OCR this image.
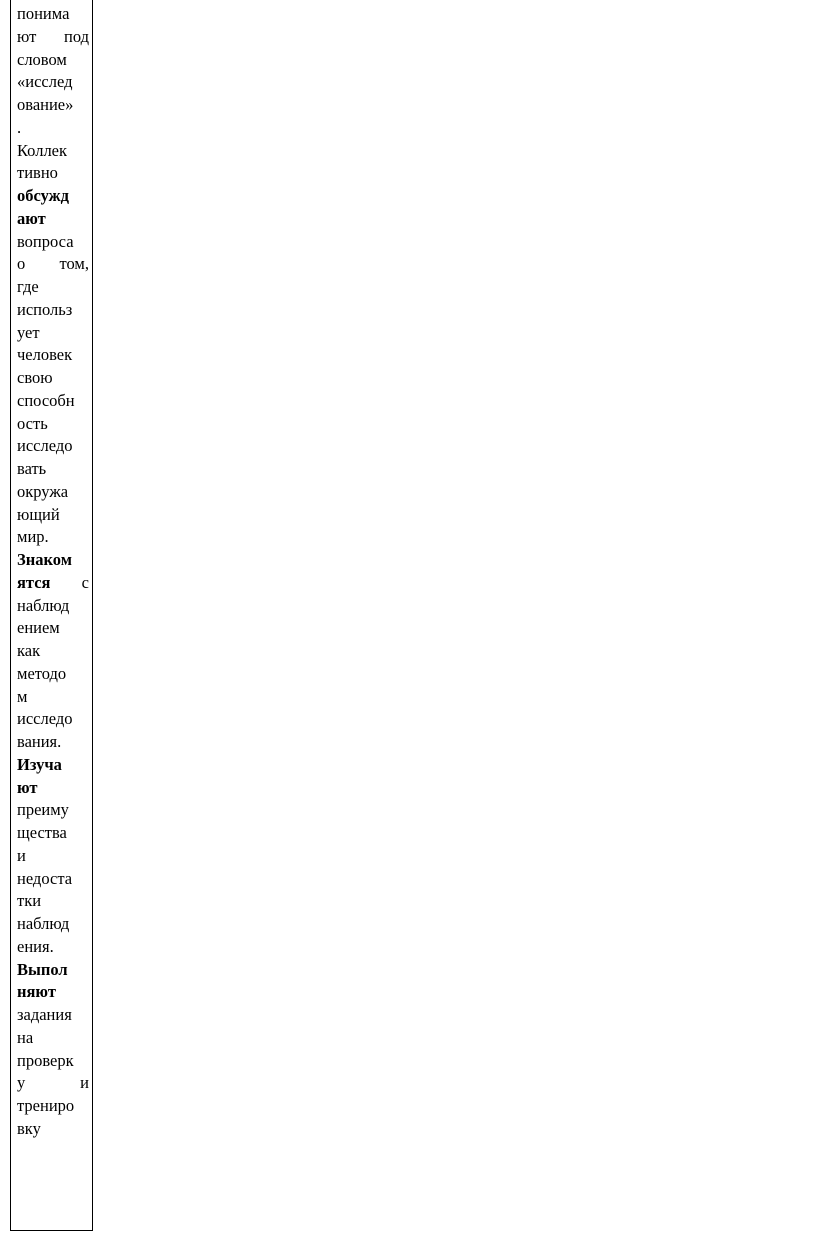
понима
ют под
словом
«исслед
ование»
.
Коллек
тивно
обсужд
ают
вопроса
о том,
где
использ
ует
человек
свою
способн
ость
исследо
вать
окружа
ющий
мир.
Знаком
ятся с
наблюд
ением
как
методо
м
исследо
вания.
Изуча
ют
преиму
щества
и
недоста
тки
наблюд
ения.
Выпол
няют
задания
на
проверк
у	и
трениро
вку
